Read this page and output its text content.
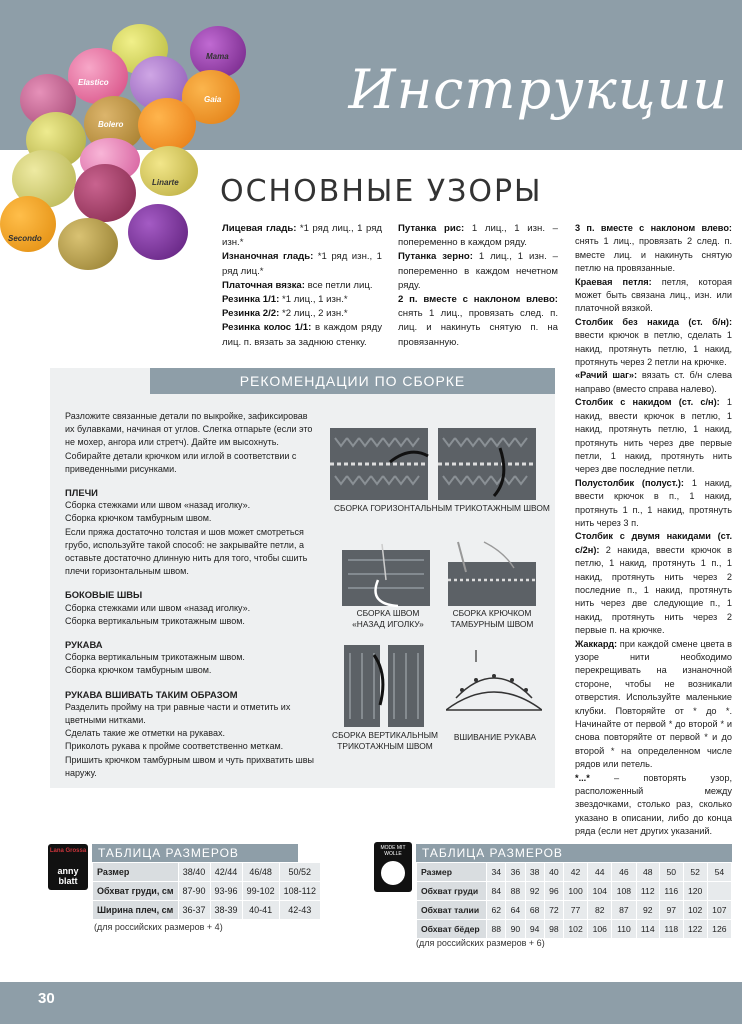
Elastico
Gaia
Bolero
Linarte
Secondo
Mama
Инструкции
ОСНОВНЫЕ УЗОРЫ

Лицевая гладь: *1 ряд лиц., 1 ряд изн.*

Изнаночная гладь: *1 ряд изн., 1 ряд лиц.*

Платочная вязка: все петли лиц.

Резинка 1/1: *1 лиц., 1 изн.*

Резинка 2/2: *2 лиц., 2 изн.*

Резинка колос 1/1: в каждом ряду лиц. п. вязать за заднюю стенку.

Путанка рис: 1 лиц., 1 изн. – попеременно в каждом ряду.

Путанка зерно: 1 лиц., 1 изн. – попеременно в каждом нечетном ряду.

2 п. вместе с наклоном влево: снять 1 лиц., провязать след. п. лиц. и накинуть снятую п. на провязанную.

3 п. вместе с наклоном влево: снять 1 лиц., провязать 2 след. п. вместе лиц. и накинуть снятую петлю на провязанные.

Краевая петля: петля, которая может быть связана лиц., изн. или платочной вязкой.

Столбик без накида (ст. б/н): ввести крючок в петлю, сделать 1 накид, протянуть петлю, 1 накид, протянуть через 2 петли на крючке.

«Рачий шаг»: вязать ст. б/н слева направо (вместо справа налево).

Столбик с накидом (ст. с/н): 1 накид, ввести крючок в петлю, 1 накид, протянуть петлю, 1 накид, протянуть нить через две первые петли, 1 накид, протянуть нить через две последние петли.

Полустолбик (полуст.): 1 накид, ввести крючок в п., 1 накид, протянуть 1 п., 1 накид, протянуть нить через 3 п.

Столбик с двумя накидами (ст. с/2н): 2 накида, ввести крючок в петлю, 1 накид, протянуть 1 п., 1 накид, протянуть нить через 2 последние п., 1 накид, протянуть нить через две следующие п., 1 накид, протянуть нить через 2 первые п. на крючке.

Жаккард: при каждой смене цвета в узоре нити необходимо перекрещивать на изнаночной стороне, чтобы не возникали отверстия. Используйте маленькие клубки. Повторяйте от * до *. Начинайте от первой * до второй * и снова повторяйте от первой * и до второй * на определенном числе рядов или петель.

*...* – повторять узор, расположенный между звездочками, столько раз, сколько указано в описании, либо до конца ряда (если нет других указаний.

РЕКОМЕНДАЦИИ ПО СБОРКЕ

Разложите связанные детали по выкройке, зафиксировав их булавками, начиная от углов. Слегка отпарьте (если это не мохер, ангора или стретч). Дайте им высохнуть. Собирайте детали крючком или иглой в соответствии с приведенными рисунками.

ПЛЕЧИ

Сборка стежками или швом «назад иголку».

Сборка крючком тамбурным швом.

Если пряжа достаточно толстая и шов может смотреться грубо, используйте такой способ: не закрывайте петли, а оставьте достаточно длинную нить для того, чтобы сшить плечи горизонтальным швом.

БОКОВЫЕ ШВЫ

Сборка стежками или швом «назад иголку».

Сборка вертикальным трикотажным швом.

РУКАВА

Сборка вертикальным трикотажным швом.

Сборка крючком тамбурным швом.

РУКАВА ВШИВАТЬ ТАКИМ ОБРАЗОМ

Разделить пройму на три равные части и отметить их цветными нитками.

Сделать такие же отметки на рукавах.

Приколоть рукава к пройме соответственно меткам.

Пришить крючком тамбурным швом и чуть прихватить швы наружу.

СБОРКА ГОРИЗОНТАЛЬНЫМ ТРИКОТАЖНЫМ ШВОМ
СБОРКА ШВОМ
«НАЗАД ИГОЛКУ»
СБОРКА КРЮЧКОМ
ТАМБУРНЫМ ШВОМ
СБОРКА ВЕРТИКАЛЬНЫМ
ТРИКОТАЖНЫМ ШВОМ
ВШИВАНИЕ РУКАВА
Lana Grossa
anny blatt
ТАБЛИЦА РАЗМЕРОВ
Размер	38/40	42/44	46/48	50/52
Обхват груди, см	87-90	93-96	99-102	108-112
Ширина плеч, см	36-37	38-39	40-41	42-43
(для российских размеров + 4)
MODE MIT WOLLE	ТАБЛИЦА РАЗМЕРОВ
Размер	34	36	38	40	42	44	46	48	50	52	54
Обхват груди	84	88	92	96	100	104	108	112	116	120	
Обхват талии	62	64	68	72	77	82	87	92	97	102	107
Обхват бёдер	88	90	94	98	102	106	110	114	118	122	126
(для российских размеров + 6)
30
